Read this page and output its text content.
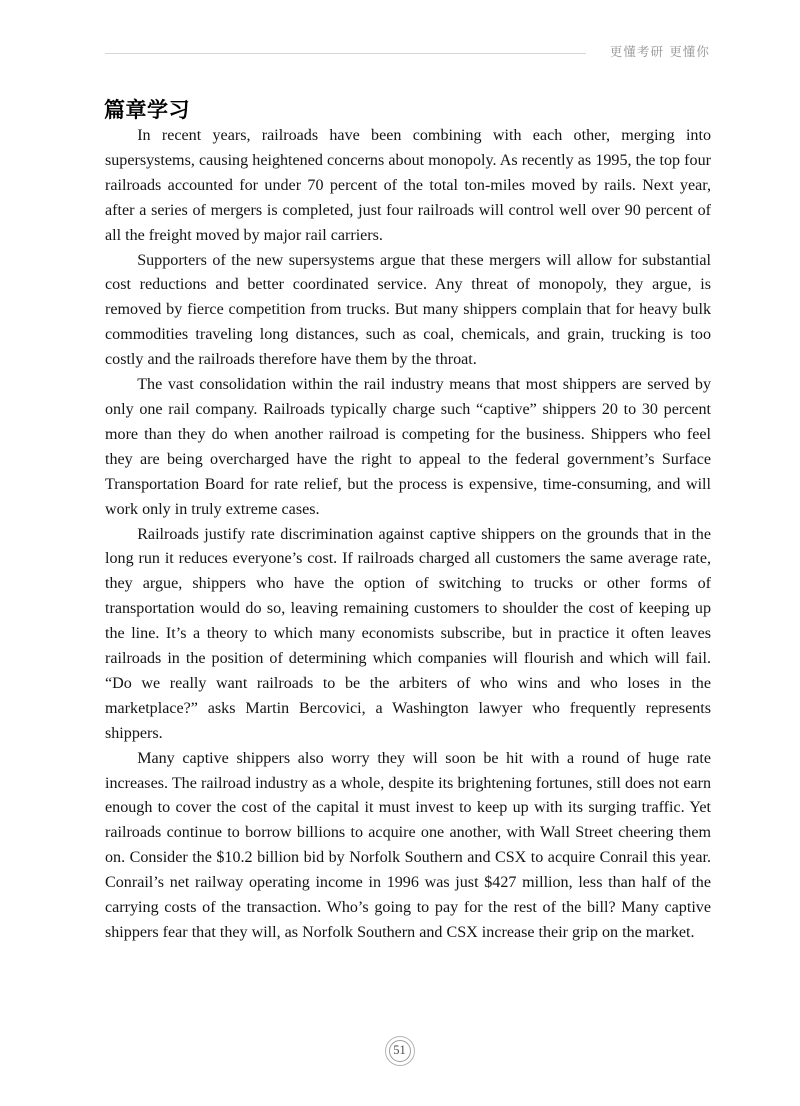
更懂考研 更懂你
篇章学习

In recent years, railroads have been combining with each other, merging into supersystems, causing heightened concerns about monopoly. As recently as 1995, the top four railroads accounted for under 70 percent of the total ton-miles moved by rails. Next year, after a series of mergers is completed, just four railroads will control well over 90 percent of all the freight moved by major rail carriers.

Supporters of the new supersystems argue that these mergers will allow for substantial cost reductions and better coordinated service. Any threat of monopoly, they argue, is removed by fierce competition from trucks. But many shippers complain that for heavy bulk commodities traveling long distances, such as coal, chemicals, and grain, trucking is too costly and the railroads therefore have them by the throat.

The vast consolidation within the rail industry means that most shippers are served by only one rail company. Railroads typically charge such “captive” shippers 20 to 30 percent more than they do when another railroad is competing for the business. Shippers who feel they are being overcharged have the right to appeal to the federal government’s Surface Transportation Board for rate relief, but the process is expensive, time-consuming, and will work only in truly extreme cases.

Railroads justify rate discrimination against captive shippers on the grounds that in the long run it reduces everyone’s cost. If railroads charged all customers the same average rate, they argue, shippers who have the option of switching to trucks or other forms of transportation would do so, leaving remaining customers to shoulder the cost of keeping up the line. It’s a theory to which many economists subscribe, but in practice it often leaves railroads in the position of determining which companies will flourish and which will fail. “Do we really want railroads to be the arbiters of who wins and who loses in the marketplace?” asks Martin Bercovici, a Washington lawyer who frequently represents shippers.

Many captive shippers also worry they will soon be hit with a round of huge rate increases. The railroad industry as a whole, despite its brightening fortunes, still does not earn enough to cover the cost of the capital it must invest to keep up with its surging traffic. Yet railroads continue to borrow billions to acquire one another, with Wall Street cheering them on. Consider the $10.2 billion bid by Norfolk Southern and CSX to acquire Conrail this year. Conrail’s net railway operating income in 1996 was just $427 million, less than half of the carrying costs of the transaction. Who’s going to pay for the rest of the bill? Many captive shippers fear that they will, as Norfolk Southern and CSX increase their grip on the market.

51
